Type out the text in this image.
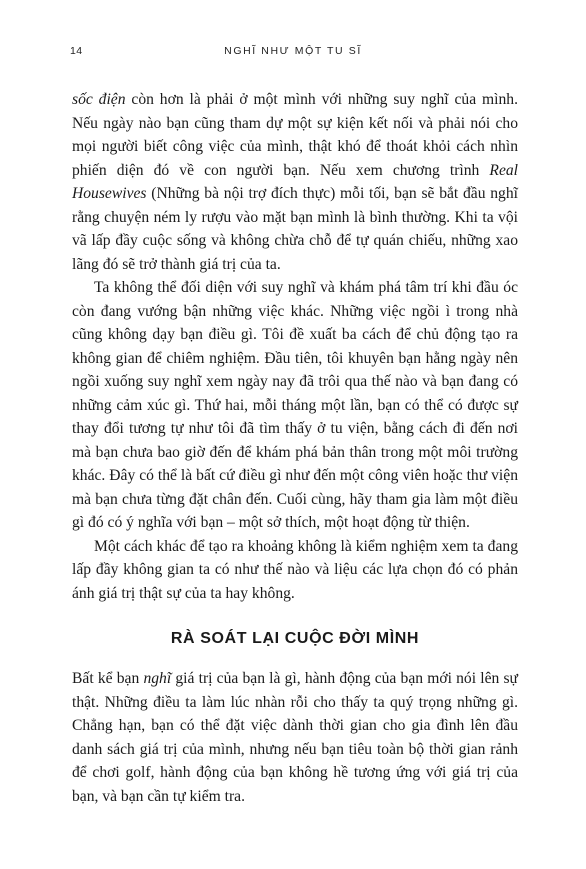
14	NGHĨ NHƯ MỘT TU SĨ

sốc điện còn hơn là phải ở một mình với những suy nghĩ của mình. Nếu ngày nào bạn cũng tham dự một sự kiện kết nối và phải nói cho mọi người biết công việc của mình, thật khó để thoát khỏi cách nhìn phiến diện đó về con người bạn. Nếu xem chương trình Real Housewives (Những bà nội trợ đích thực) mỗi tối, bạn sẽ bắt đầu nghĩ rằng chuyện ném ly rượu vào mặt bạn mình là bình thường. Khi ta vội vã lấp đầy cuộc sống và không chừa chỗ để tự quán chiếu, những xao lãng đó sẽ trở thành giá trị của ta.

Ta không thể đối diện với suy nghĩ và khám phá tâm trí khi đầu óc còn đang vướng bận những việc khác. Những việc ngồi ì trong nhà cũng không dạy bạn điều gì. Tôi đề xuất ba cách để chủ động tạo ra không gian để chiêm nghiệm. Đầu tiên, tôi khuyên bạn hằng ngày nên ngồi xuống suy nghĩ xem ngày nay đã trôi qua thế nào và bạn đang có những cảm xúc gì. Thứ hai, mỗi tháng một lần, bạn có thể có được sự thay đổi tương tự như tôi đã tìm thấy ở tu viện, bằng cách đi đến nơi mà bạn chưa bao giờ đến để khám phá bản thân trong một môi trường khác. Đây có thể là bất cứ điều gì như đến một công viên hoặc thư viện mà bạn chưa từng đặt chân đến. Cuối cùng, hãy tham gia làm một điều gì đó có ý nghĩa với bạn – một sở thích, một hoạt động từ thiện.

Một cách khác để tạo ra khoảng không là kiểm nghiệm xem ta đang lấp đầy không gian ta có như thế nào và liệu các lựa chọn đó có phản ánh giá trị thật sự của ta hay không.

RÀ SOÁT LẠI CUỘC ĐỜI MÌNH

Bất kể bạn nghĩ giá trị của bạn là gì, hành động của bạn mới nói lên sự thật. Những điều ta làm lúc nhàn rỗi cho thấy ta quý trọng những gì. Chẳng hạn, bạn có thể đặt việc dành thời gian cho gia đình lên đầu danh sách giá trị của mình, nhưng nếu bạn tiêu toàn bộ thời gian rảnh để chơi golf, hành động của bạn không hề tương ứng với giá trị của bạn, và bạn cần tự kiểm tra.
